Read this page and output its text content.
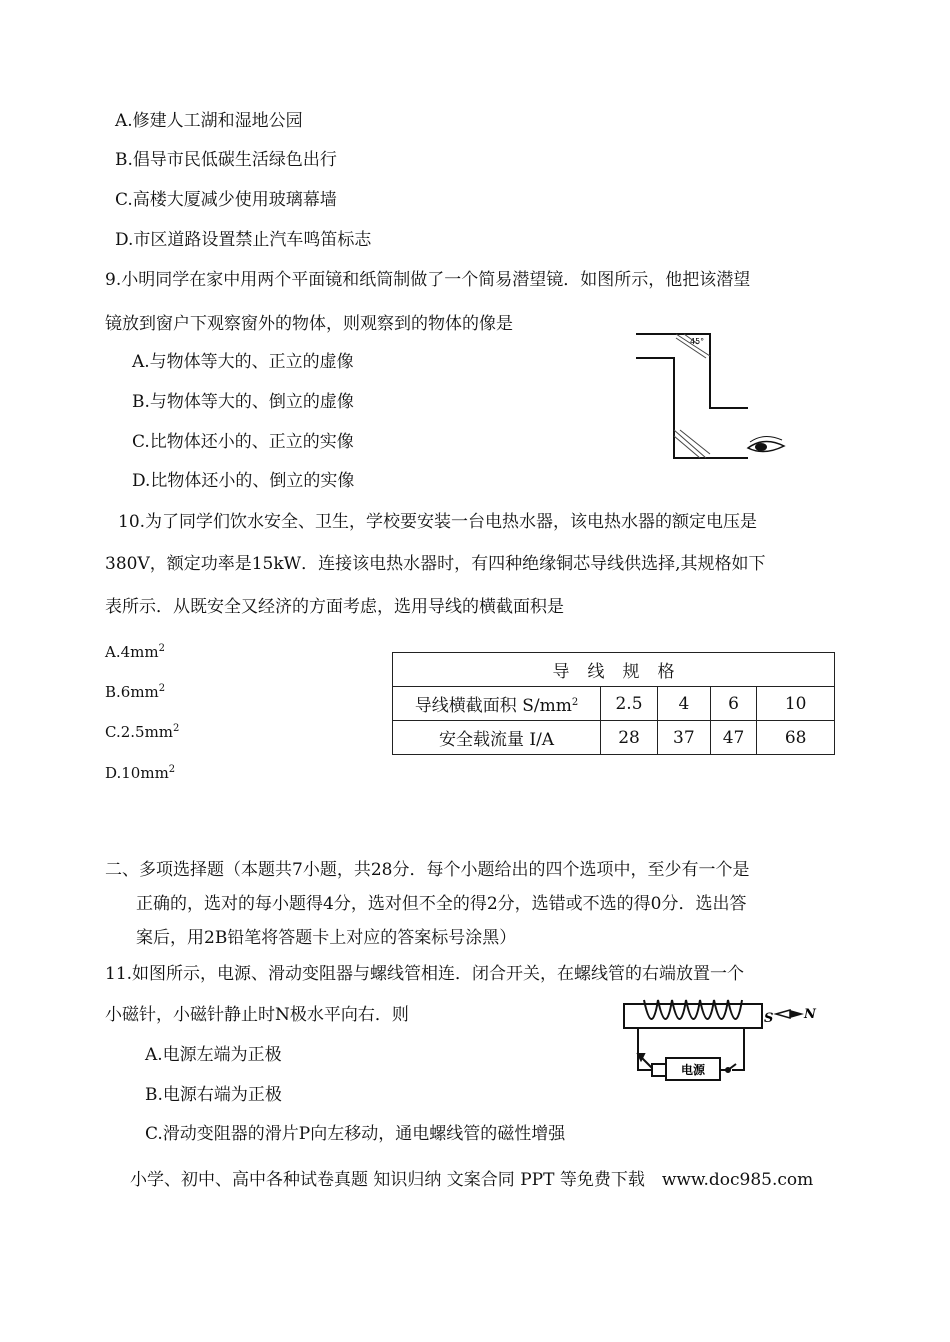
A.修建人工湖和湿地公园
B.倡导市民低碳生活绿色出行
C.高楼大厦减少使用玻璃幕墙
D.市区道路设置禁止汽车鸣笛标志
9.小明同学在家中用两个平面镜和纸筒制做了一个简易潜望镜．如图所示，他把该潜望
镜放到窗户下观察窗外的物体，则观察到的物体的像是
A.与物体等大的、正立的虚像
B.与物体等大的、倒立的虚像
C.比物体还小的、正立的实像
D.比物体还小的、倒立的实像
45°
10.为了同学们饮水安全、卫生，学校要安装一台电热水器，该电热水器的额定电压是
380V，额定功率是15kW．连接该电热水器时，有四种绝缘铜芯导线供选择,其规格如下
表所示．从既安全又经济的方面考虑，选用导线的横截面积是
$A.4mm^2$
$B.6mm^2$
$C.2.5mm^2$
$D.10mm^2$
导线规格				
导线横截面积 $S/mm^2$	2.5	4	6	10
安全载流量 I/A	28	37	47	68
二、多项选择题（本题共7小题，共28分．每个小题给出的四个选项中，至少有一个是
正确的，选对的每小题得4分，选对但不全的得2分，选错或不选的得0分．选出答
案后，用2B铅笔将答题卡上对应的答案标号涂黑）
11.如图所示，电源、滑动变阻器与螺线管相连．闭合开关，在螺线管的右端放置一个
小磁针，小磁针静止时N极水平向右．则
A.电源左端为正极
B.电源右端为正极
C.滑动变阻器的滑片P向左移动，通电螺线管的磁性增强
电源
S N
小学、初中、高中各种试卷真题 知识归纳 文案合同 PPT 等免费下载　www.doc985.com
